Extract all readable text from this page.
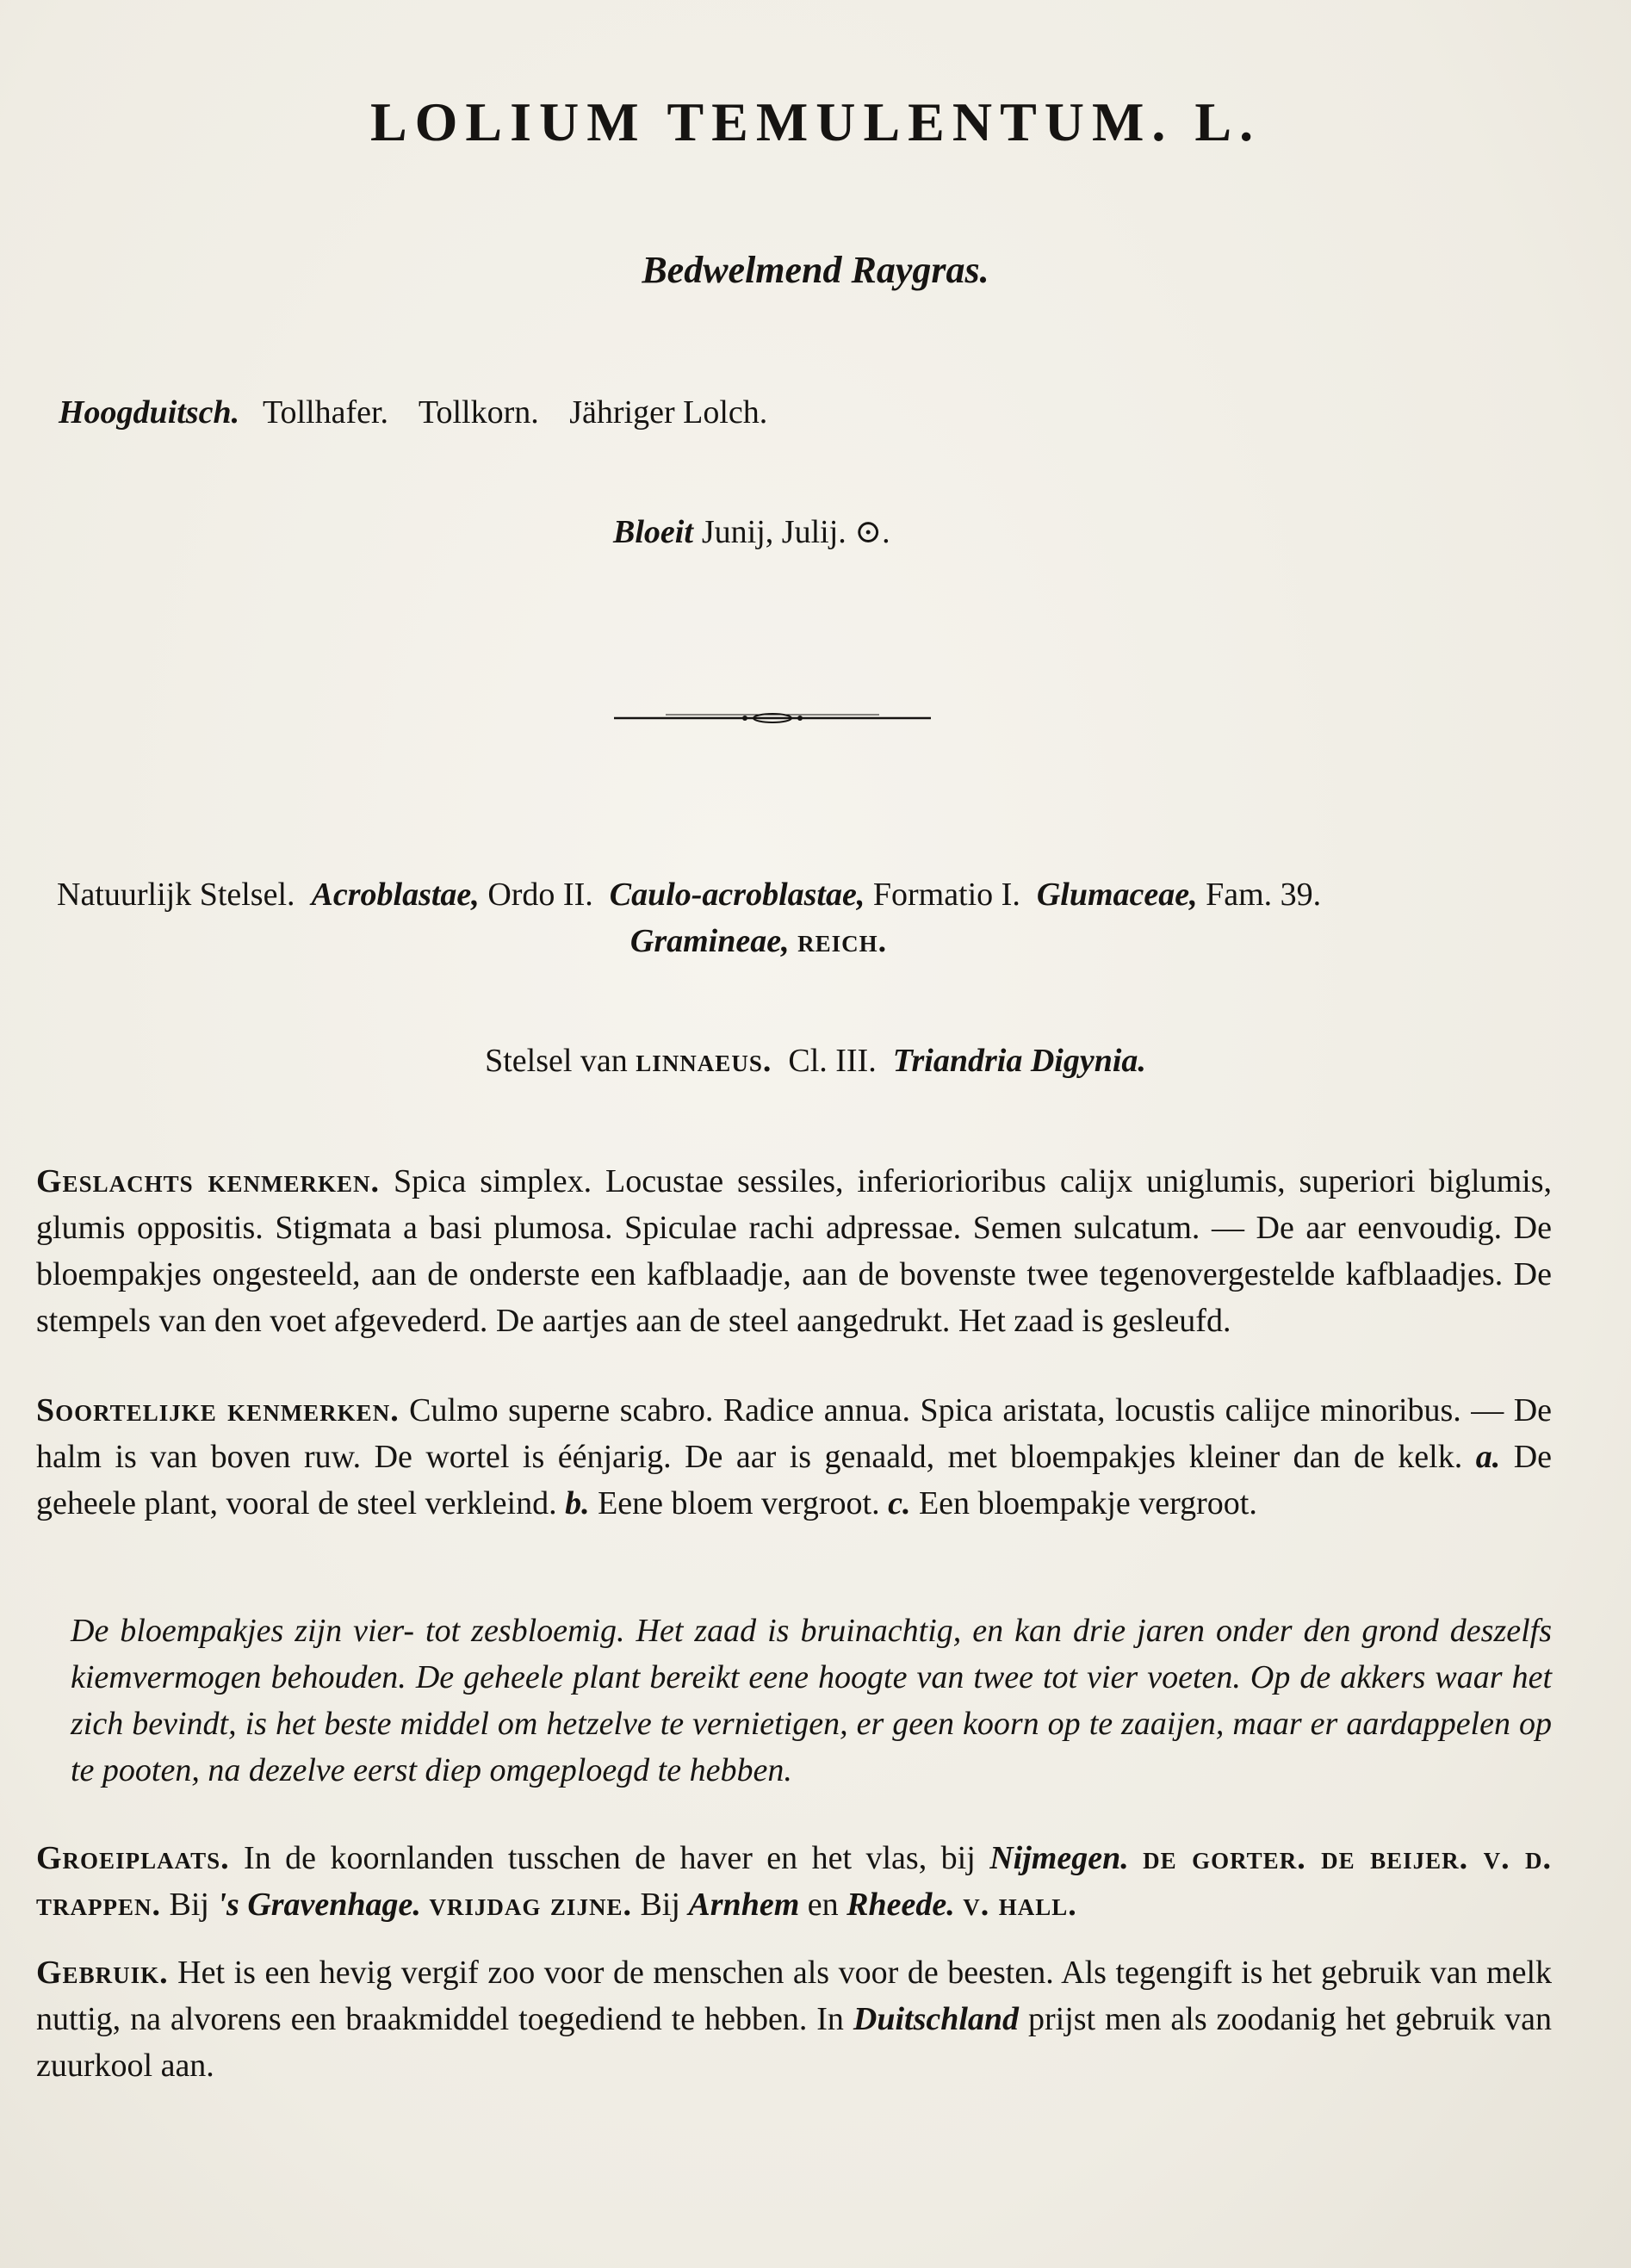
LOLIUM TEMULENTUM. L.
Bedwelmend Raygras.
Hoogduitsch. Tollhafer. Tollkorn. Jähriger Lolch.
Bloeit Junij, Julij. ⊙.
Natuurlijk Stelsel. Acroblastae, Ordo II. Caulo-acroblastae, Formatio I. Glumaceae, Fam. 39.
Gramineae, reich.
Stelsel van linnaeus. Cl. III. Triandria Digynia.
Geslachts kenmerken. Spica simplex. Locustae sessiles, inferiorioribus calijx uniglumis, superiori biglumis, glumis oppositis. Stigmata a basi plumosa. Spiculae rachi adpressae. Semen sulcatum. — De aar eenvoudig. De bloempakjes ongesteeld, aan de onderste een kafblaadje, aan de bovenste twee tegenovergestelde kafblaadjes. De stempels van den voet afgevederd. De aartjes aan de steel aangedrukt. Het zaad is gesleufd.
Soortelijke kenmerken. Culmo superne scabro. Radice annua. Spica aristata, locustis calijce minoribus. — De halm is van boven ruw. De wortel is éénjarig. De aar is genaald, met bloempakjes kleiner dan de kelk. a. De geheele plant, vooral de steel verkleind. b. Eene bloem vergroot. c. Een bloempakje vergroot.
De bloempakjes zijn vier- tot zesbloemig. Het zaad is bruinachtig, en kan drie jaren onder den grond deszelfs kiemvermogen behouden. De geheele plant bereikt eene hoogte van twee tot vier voeten. Op de akkers waar het zich bevindt, is het beste middel om hetzelve te vernietigen, er geen koorn op te zaaijen, maar er aardappelen op te pooten, na dezelve eerst diep omgeploegd te hebben.
Groeiplaats. In de koornlanden tusschen de haver en het vlas, bij Nijmegen. de gorter. de beijer. v. d. trappen. Bij 's Gravenhage. vrijdag zijne. Bij Arnhem en Rheede. v. hall.
Gebruik. Het is een hevig vergif zoo voor de menschen als voor de beesten. Als tegengift is het gebruik van melk nuttig, na alvorens een braakmiddel toegediend te hebben. In Duitschland prijst men als zoodanig het gebruik van zuurkool aan.
